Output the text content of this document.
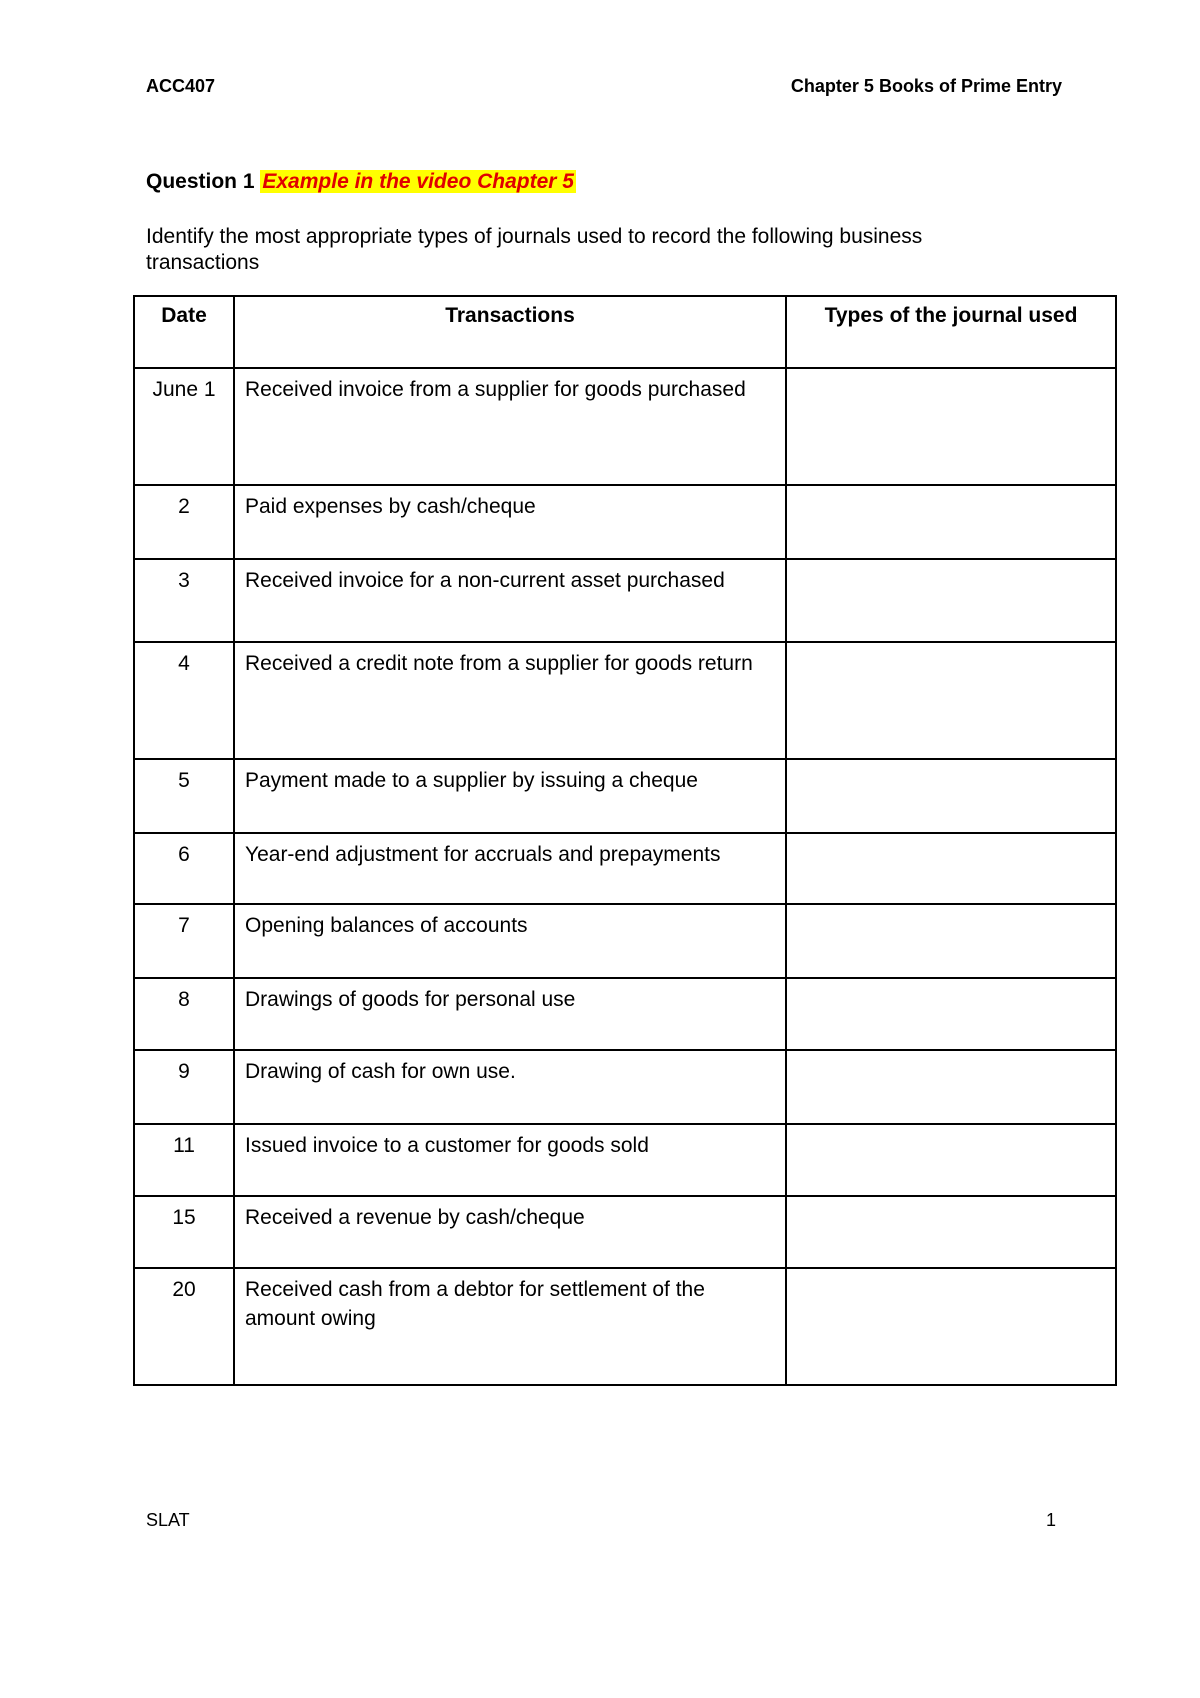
ACC407	Chapter 5 Books of Prime Entry
Question 1 Example in the video Chapter 5
Identify the most appropriate types of journals used to record the following business transactions
Date	Transactions	Types of the journal used
June 1	Received invoice from a supplier for goods purchased	
2	Paid expenses by cash/cheque	
3	Received invoice for a non-current asset purchased	
4	Received a credit note from a supplier for goods return	
5	Payment made to a supplier by issuing a cheque	
6	Year-end adjustment for accruals and prepayments	
7	Opening balances of accounts	
8	Drawings of goods for personal use	
9	Drawing of cash for own use.	
11	Issued invoice to a customer for goods sold	
15	Received a revenue by cash/cheque	
20	Received cash from a debtor for settlement of the amount owing	
SLAT	1
